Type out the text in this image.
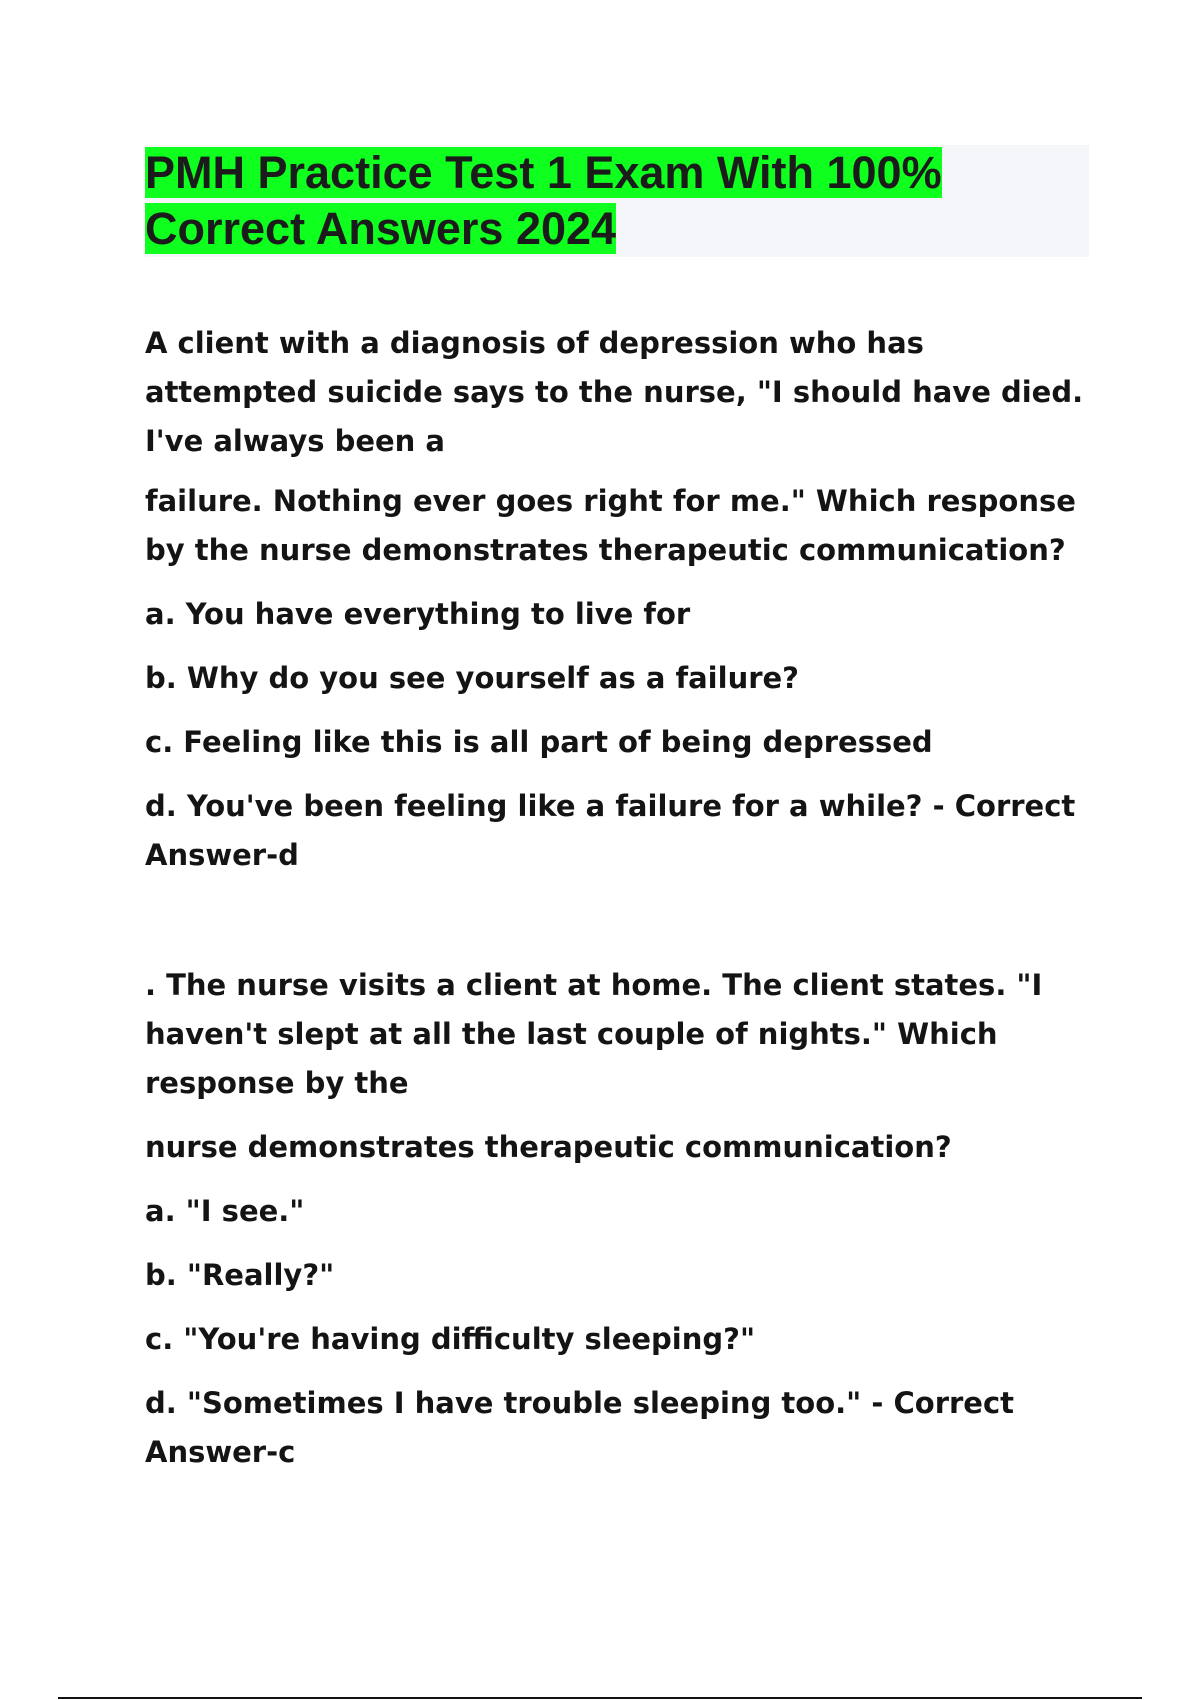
PMH Practice Test 1 Exam With 100%
Correct Answers 2024

A client with a diagnosis of depression who has attempted suicide says to the nurse, "I should have died. I've always been a

failure. Nothing ever goes right for me." Which response by the nurse demonstrates therapeutic communication?

a. You have everything to live for

b. Why do you see yourself as a failure?

c. Feeling like this is all part of being depressed

d. You've been feeling like a failure for a while? - Correct Answer-d

. The nurse visits a client at home. The client states. "I haven't slept at all the last couple of nights." Which response by the

nurse demonstrates therapeutic communication?

a. "I see."

b. "Really?"

c. "You're having difficulty sleeping?"

d. "Sometimes I have trouble sleeping too." - Correct Answer-c
